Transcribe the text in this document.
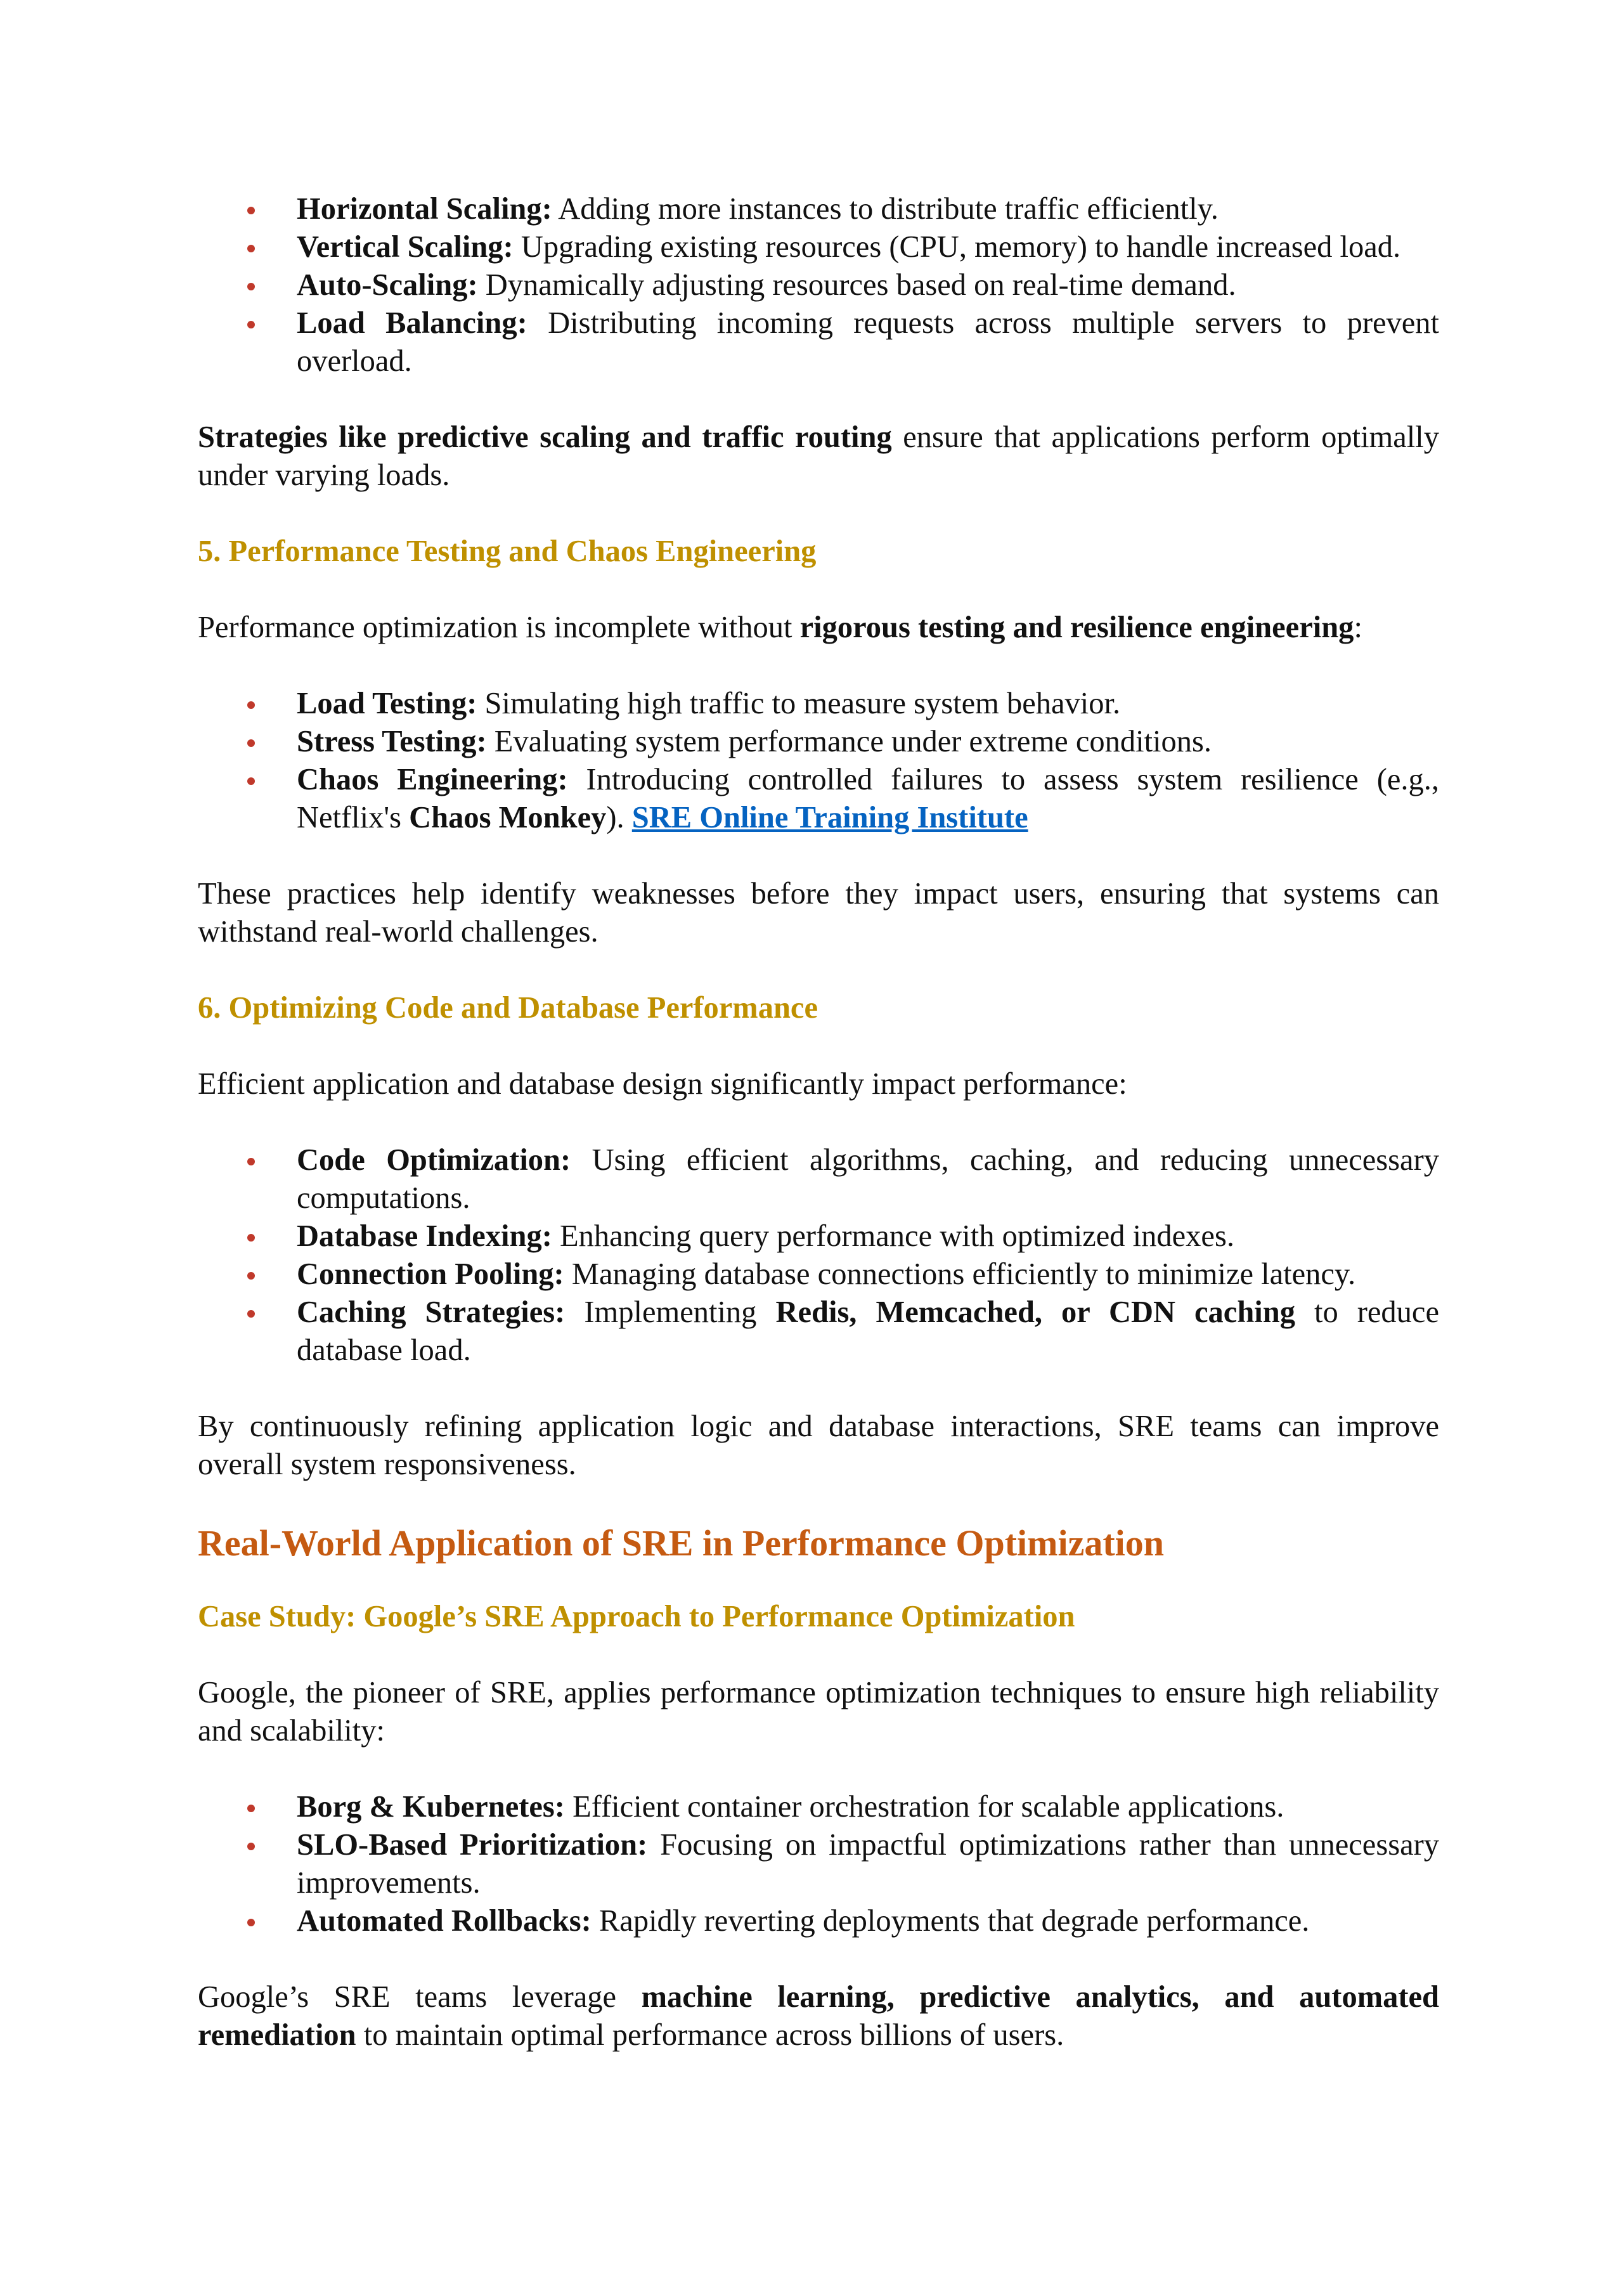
Horizontal Scaling: Adding more instances to distribute traffic efficiently.
Vertical Scaling: Upgrading existing resources (CPU, memory) to handle increased load.
Auto-Scaling: Dynamically adjusting resources based on real-time demand.
Load Balancing: Distributing incoming requests across multiple servers to prevent overload.

Strategies like predictive scaling and traffic routing ensure that applications perform optimally under varying loads.

5. Performance Testing and Chaos Engineering

Performance optimization is incomplete without rigorous testing and resilience engineering:

Load Testing: Simulating high traffic to measure system behavior.
Stress Testing: Evaluating system performance under extreme conditions.
Chaos Engineering: Introducing controlled failures to assess system resilience (e.g., Netflix's Chaos Monkey). SRE Online Training Institute

These practices help identify weaknesses before they impact users, ensuring that systems can withstand real-world challenges.

6. Optimizing Code and Database Performance

Efficient application and database design significantly impact performance:

Code Optimization: Using efficient algorithms, caching, and reducing unnecessary computations.
Database Indexing: Enhancing query performance with optimized indexes.
Connection Pooling: Managing database connections efficiently to minimize latency.
Caching Strategies: Implementing Redis, Memcached, or CDN caching to reduce database load.

By continuously refining application logic and database interactions, SRE teams can improve overall system responsiveness.

Real-World Application of SRE in Performance Optimization
Case Study: Google’s SRE Approach to Performance Optimization

Google, the pioneer of SRE, applies performance optimization techniques to ensure high reliability and scalability:

Borg & Kubernetes: Efficient container orchestration for scalable applications.
SLO-Based Prioritization: Focusing on impactful optimizations rather than unnecessary improvements.
Automated Rollbacks: Rapidly reverting deployments that degrade performance.

Google’s SRE teams leverage machine learning, predictive analytics, and automated remediation to maintain optimal performance across billions of users.
